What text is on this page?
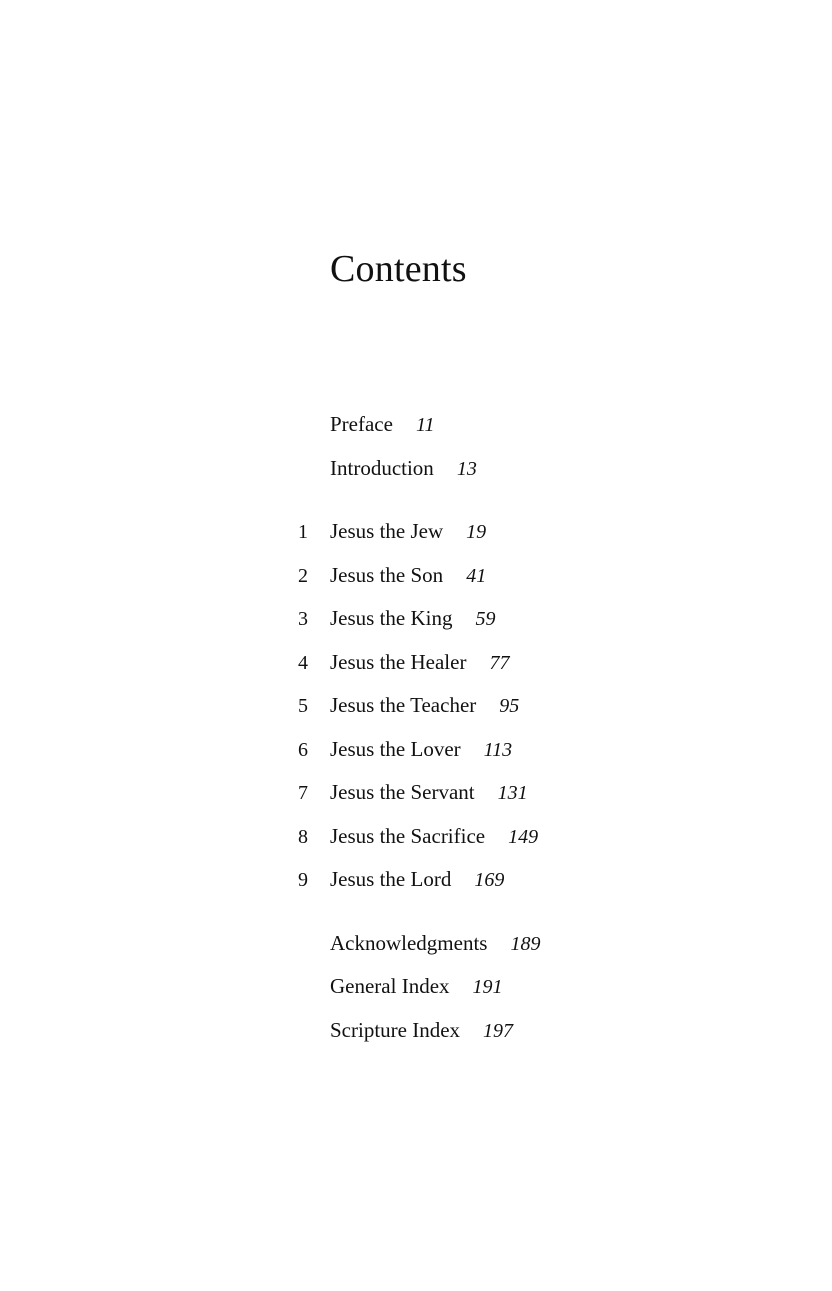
Contents
Preface 11
Introduction 13
1	Jesus the Jew 19
2	Jesus the Son 41
3	Jesus the King 59
4	Jesus the Healer 77
5	Jesus the Teacher 95
6	Jesus the Lover 113
7	Jesus the Servant 131
8	Jesus the Sacrifice 149
9	Jesus the Lord 169
Acknowledgments 189
General Index 191
Scripture Index 197
